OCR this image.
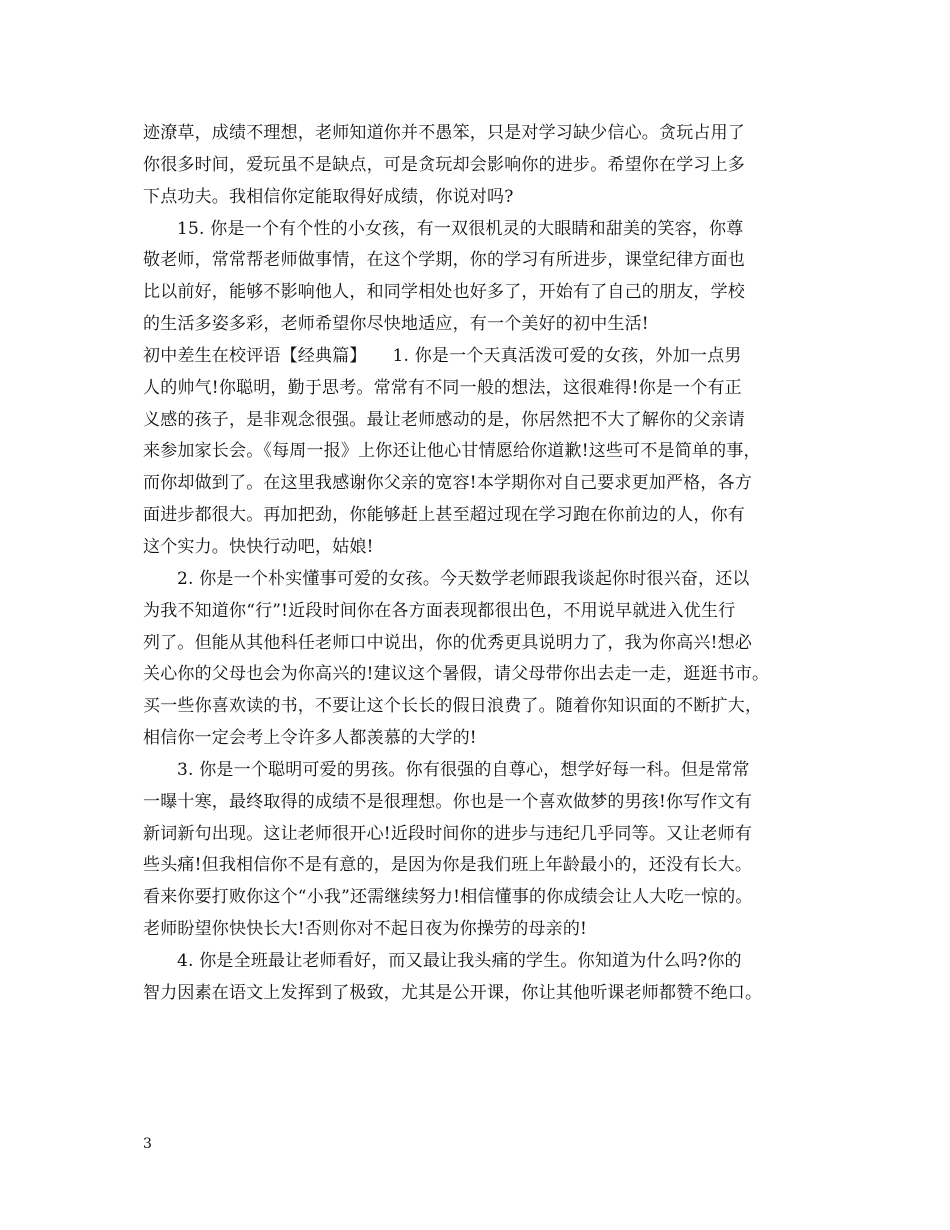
迹潦草，成绩不理想，老师知道你并不愚笨，只是对学习缺少信心。贪玩占用了
你很多时间，爱玩虽不是缺点，可是贪玩却会影响你的进步。希望你在学习上多
下点功夫。我相信你定能取得好成绩，你说对吗?
15. 你是一个有个性的小女孩，有一双很机灵的大眼睛和甜美的笑容，你尊
敬老师，常常帮老师做事情，在这个学期，你的学习有所进步，课堂纪律方面也
比以前好，能够不影响他人，和同学相处也好多了，开始有了自己的朋友，学校
的生活多姿多彩，老师希望你尽快地适应，有一个美好的初中生活!
初中差生在校评语【经典篇】　　1. 你是一个天真活泼可爱的女孩，外加一点男
人的帅气!你聪明，勤于思考。常常有不同一般的想法，这很难得!你是一个有正
义感的孩子，是非观念很强。最让老师感动的是，你居然把不大了解你的父亲请
来参加家长会。《每周一报》上你还让他心甘情愿给你道歉!这些可不是简单的事，
而你却做到了。在这里我感谢你父亲的宽容!本学期你对自己要求更加严格，各方
面进步都很大。再加把劲，你能够赶上甚至超过现在学习跑在你前边的人，你有
这个实力。快快行动吧，姑娘!
2. 你是一个朴实懂事可爱的女孩。今天数学老师跟我谈起你时很兴奋，还以
为我不知道你“行”!近段时间你在各方面表现都很出色，不用说早就进入优生行
列了。但能从其他科任老师口中说出，你的优秀更具说明力了，我为你高兴!想必
关心你的父母也会为你高兴的!建议这个暑假，请父母带你出去走一走，逛逛书市。
买一些你喜欢读的书，不要让这个长长的假日浪费了。随着你知识面的不断扩大，
相信你一定会考上令许多人都羡慕的大学的!
3. 你是一个聪明可爱的男孩。你有很强的自尊心，想学好每一科。但是常常
一曝十寒，最终取得的成绩不是很理想。你也是一个喜欢做梦的男孩!你写作文有
新词新句出现。这让老师很开心!近段时间你的进步与违纪几乎同等。又让老师有
些头痛!但我相信你不是有意的，是因为你是我们班上年龄最小的，还没有长大。
看来你要打败你这个“小我”还需继续努力!相信懂事的你成绩会让人大吃一惊的。
老师盼望你快快长大!否则你对不起日夜为你操劳的母亲的!
4. 你是全班最让老师看好，而又最让我头痛的学生。你知道为什么吗?你的
智力因素在语文上发挥到了极致，尤其是公开课，你让其他听课老师都赞不绝口。
3
